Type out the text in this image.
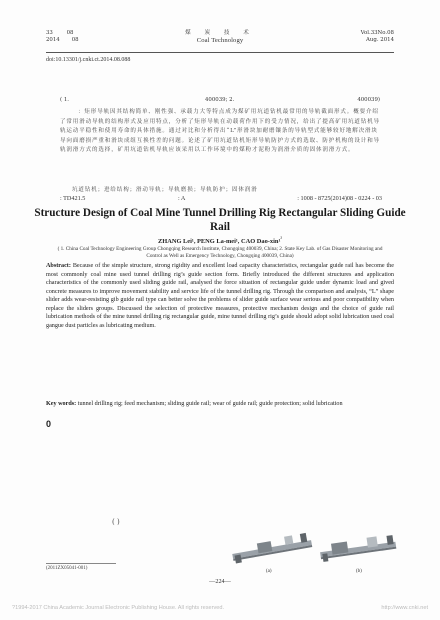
33	08
2014 08
煤 炭 技 术
Coal Technology
Vol.33No.08
Aug. 2014
doi:10.13301/j.cnki.ct.2014.08.088
( 1.	400039; 2.	400039)

：矩形导轨因其结构简单、刚性强、承载力大等特点成为煤矿用坑道钻机最常用的导轨截面形式。概要介绍了常用滑动导轨的结构形式及应用特点，分析了矩形导轨在动载荷作用下的受力情况，给出了提高矿用坑道钻机导轨运动平稳性和使用寿命的具体措施。通过对比和分析得出“L”形滑块加耐磨镶条的导轨型式能够较好地解决滑块导向面磨损严重和滑块成组互换性差的问题。论述了矿用坑道钻机矩形导轨防护方式的选取、防护机构的设计和导轨润滑方式的选择，矿用坑道钻机导轨应该采用以工作环境中的煤粉才泥粉为润滑介质的固体润滑方式。

坑道钻机；进给结构；滑动导轨；导轨磨损；导轨防护；固体润滑
: TD421.5	: A	: 1008 - 8725(2014)08 - 0224 - 03
Structure Design of Coal Mine Tunnel Drilling Rig Rectangular Sliding Guide Rail
ZHANG Lei¹, PENG La-mei¹, CAO Dao-xin¹$^{^2}$
( 1. China Coal Technology Engineering Group Chongqing Research Institute, Chongqing 400039, China; 2. State Key Lab. of Gas Disaster Monitoring and Control as Well as Emergency Technology, Chongqing 400039, China)
Abstract: Because of the simple structure, strong rigidity and excellent load capacity characteristics, rectangular guide rail has become the most commonly coal mine used tunnel drilling rig’s guide section form. Briefly introduced the different structures and application characteristics of the commonly used sliding guide rail, analysed the force situation of rectangular guide under dynamic load and gived concrete measures to improve movement stability and service life of the tunnel drilling rig. Through the comparison and analysis, “L” shape slider adds wear-resisting gib guide rail type can better solve the problems of slider guide surface wear serious and poor compatibility when replace the sliders groups. Discussed the selection of protective measures, protective mechanism design and the choice of guide rail lubrication methods of the mine tunnel drilling rig rectangular guide, mine tunnel drilling rig’s guide should adopt solid lubrication used coal gangue dust particles as lubricating medium.
Key words: tunnel drilling rig; feed mechanism; sliding guide rail; wear of guide rail; guide protection; solid lubrication
0
( )
(a)	(b)
(2011ZX05041-001)
—224—
?1994-2017 China Academic Journal Electronic Publishing House. All rights reserved.	http://www.cnki.net
